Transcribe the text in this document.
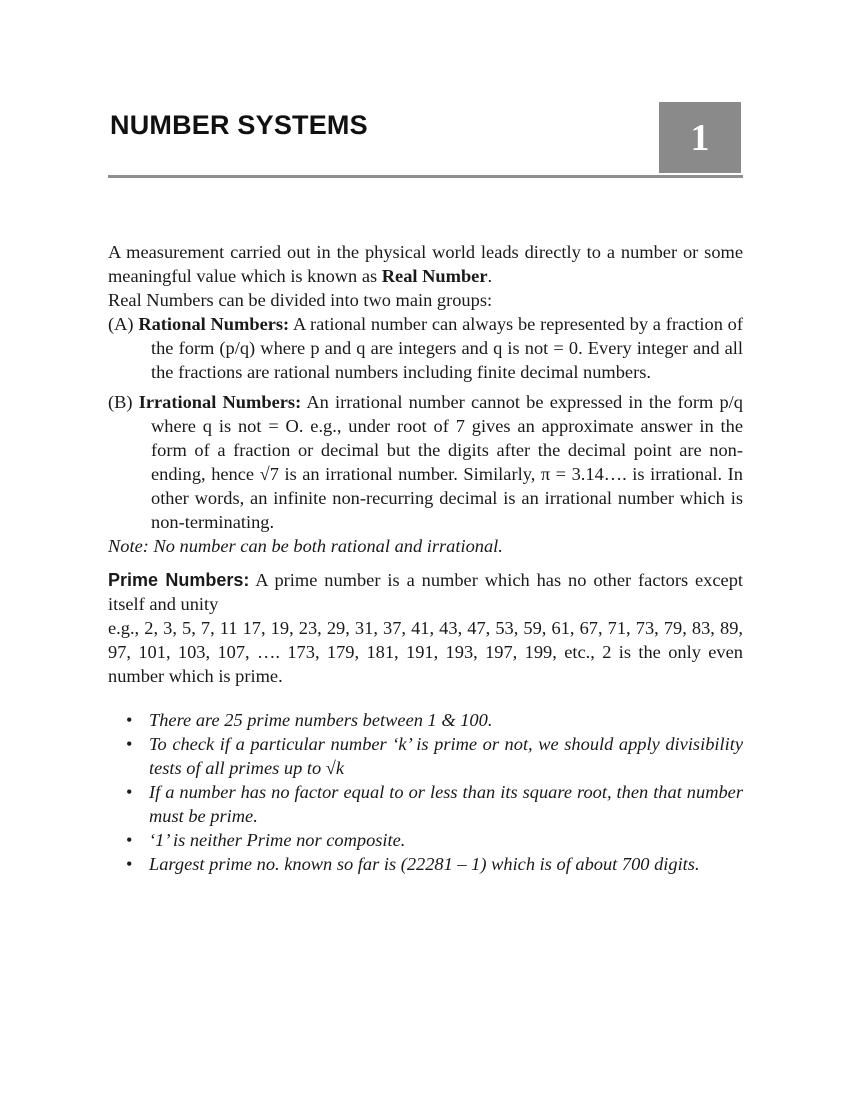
NUMBER SYSTEMS	1

A measurement carried out in the physical world leads directly to a number or some meaningful value which is known as Real Number.

Real Numbers can be divided into two main groups:

(A) Rational Numbers: A rational number can always be represented by a fraction of the form (p/q) where p and q are integers and q is not = 0. Every integer and all the fractions are rational numbers including finite decimal numbers.

(B) Irrational Numbers: An irrational number cannot be expressed in the form p/q where q is not = O. e.g., under root of 7 gives an approximate answer in the form of a fraction or decimal but the digits after the decimal point are non-ending, hence √7 is an irrational number. Similarly, π = 3.14…. is irrational. In other words, an infinite non-recurring decimal is an irrational number which is non-terminating.

Note: No number can be both rational and irrational.

Prime Numbers: A prime number is a number which has no other factors except itself and unity

e.g., 2, 3, 5, 7, 11 17, 19, 23, 29, 31, 37, 41, 43, 47, 53, 59, 61, 67, 71, 73, 79, 83, 89, 97, 101, 103, 107, …. 173, 179, 181, 191, 193, 197, 199, etc., 2 is the only even number which is prime.

• There are 25 prime numbers between 1 & 100.
• To check if a particular number ‘k’ is prime or not, we should apply divisibility tests of all primes up to √k
• If a number has no factor equal to or less than its square root, then that number must be prime.
• ‘1’ is neither Prime nor composite.
• Largest prime no. known so far is (22281 – 1) which is of about 700 digits.
